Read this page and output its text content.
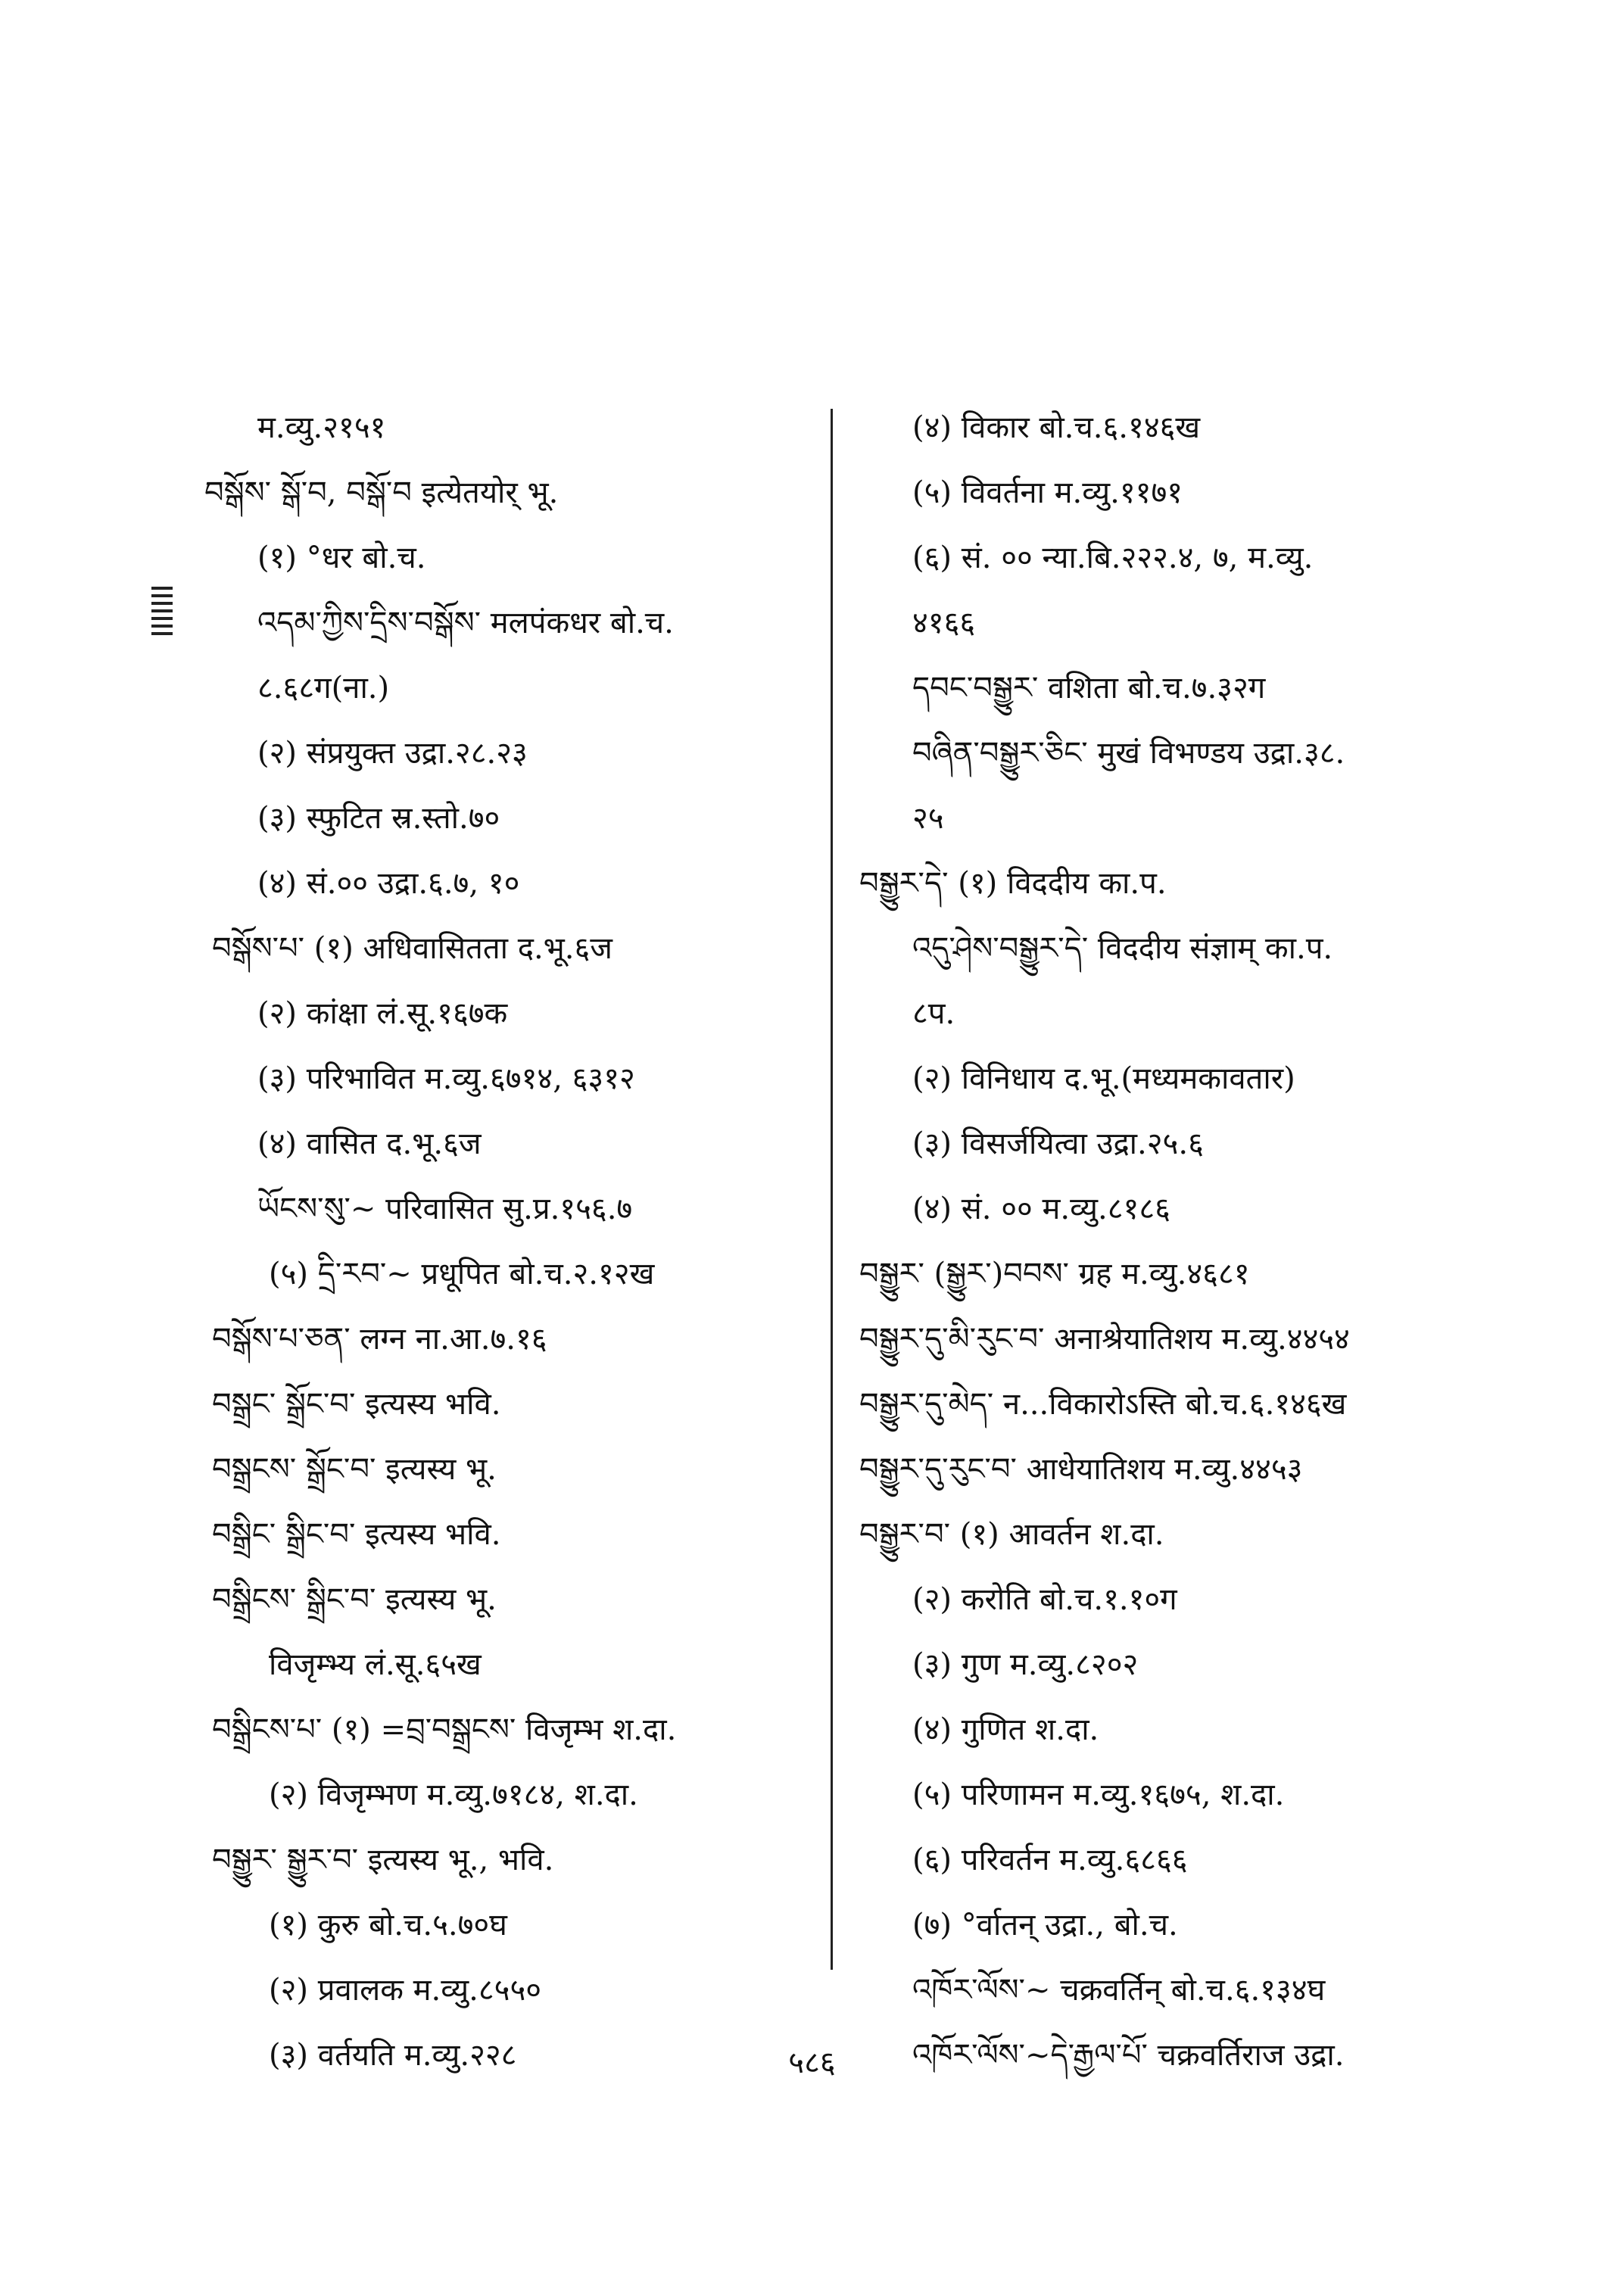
म.व्यु.२१५१
བསྒོས་ སྒོ་བ, བསྒོ་བ इत्येतयोर् भू.
(१) °धर बो.च.
འདམ་ཀྱིས་དྲིས་བསྒོས་ मलपंकधर बो.च.
८.६८ग(ना.)
(२) संप्रयुक्त उद्रा.२८.२३
(३) स्फुटित स्र.स्तो.७०
(४) सं.०० उद्रा.६.७, १०
བསྒོས་པ་ (१) अधिवासितता द.भू.६ज
(२) कांक्षा लं.सू.१६७क
(३) परिभावित म.व्यु.६७१४, ६३१२
(४) वासित द.भू.६ज
ཡོངས་སུ་~ परिवासित सु.प्र.१५६.७
(५) དྲི་རབ་~ प्रधूपित बो.च.२.१२ख
བསྒོས་པ་ཅན་ लग्न ना.आ.७.१६
བསྒྲང་ སྒྲོང་བ་ इत्यस्य भवि.
བསྒྲངས་ སྒྲོང་བ་ इत्यस्य भू.
བསྒྲིང་ སྒྲིང་བ་ इत्यस्य भवि.
བསྒྲིངས་ སྒྲིང་བ་ इत्यस्य भू.
विजृम्भ्य लं.सू.६५ख
བསྒྲིངས་པ་ (१) =བྲ་བསྒྲངས་ विजृम्भ श.दा.
(२) विजृम्भण म.व्यु.७१८४, श.दा.
བསྒྱུར་ སྒྱུར་བ་ इत्यस्य भू., भवि.
(१) कुरु बो.च.५.७०घ
(२) प्रवालक म.व्यु.८५५०
(३) वर्तयति म.व्यु.२२८
(४) विकार बो.च.६.१४६ख
(५) विवर्तना म.व्यु.११७१
(६) सं. ०० न्या.बि.२२२.४, ७, म.व्यु.
४१६६
དབང་བསྒྱུར་ वशिता बो.च.७.३२ग
བཞིན་བསྒྱུར་ཅིང་ मुखं विभण्डय उद्रा.३८.
२५
བསྒྱུར་དེ་ (१) विददीय का.प.
འདུ་ཤེས་བསྒྱུར་དེ་ विददीय संज्ञाम् का.प.
८प.
(२) विनिधाय द.भू.(मध्यमकावतार)
(३) विसर्जयित्वा उद्रा.२५.६
(४) सं. ०० म.व्यु.८१८६
བསྒྱུར་ (སྒྱུར་)བབས་ ग्रह म.व्यु.४६८१
བསྒྱུར་དུ་མི་རུང་བ་ अनाश्रेयातिशय म.व्यु.४४५४
བསྒྱུར་དུ་མེད་ न...विकारोऽस्ति बो.च.६.१४६ख
བསྒྱུར་དུ་རུང་བ་ आधेयातिशय म.व्यु.४४५३
བསྒྱུར་བ་ (१) आवर्तन श.दा.
(२) करोति बो.च.१.१०ग
(३) गुण म.व्यु.८२०२
(४) गुणित श.दा.
(५) परिणामन म.व्यु.१६७५, श.दा.
(६) परिवर्तन म.व्यु.६८६६
(७) °र्वातन् उद्रा., बो.च.
འཁོར་ལོས་~ चक्रवर्तिन् बो.च.६.१३४घ
འཁོར་ལོས་~དེ་རྒྱལ་པོ་ चक्रवर्तिराज उद्रा.
५८६
